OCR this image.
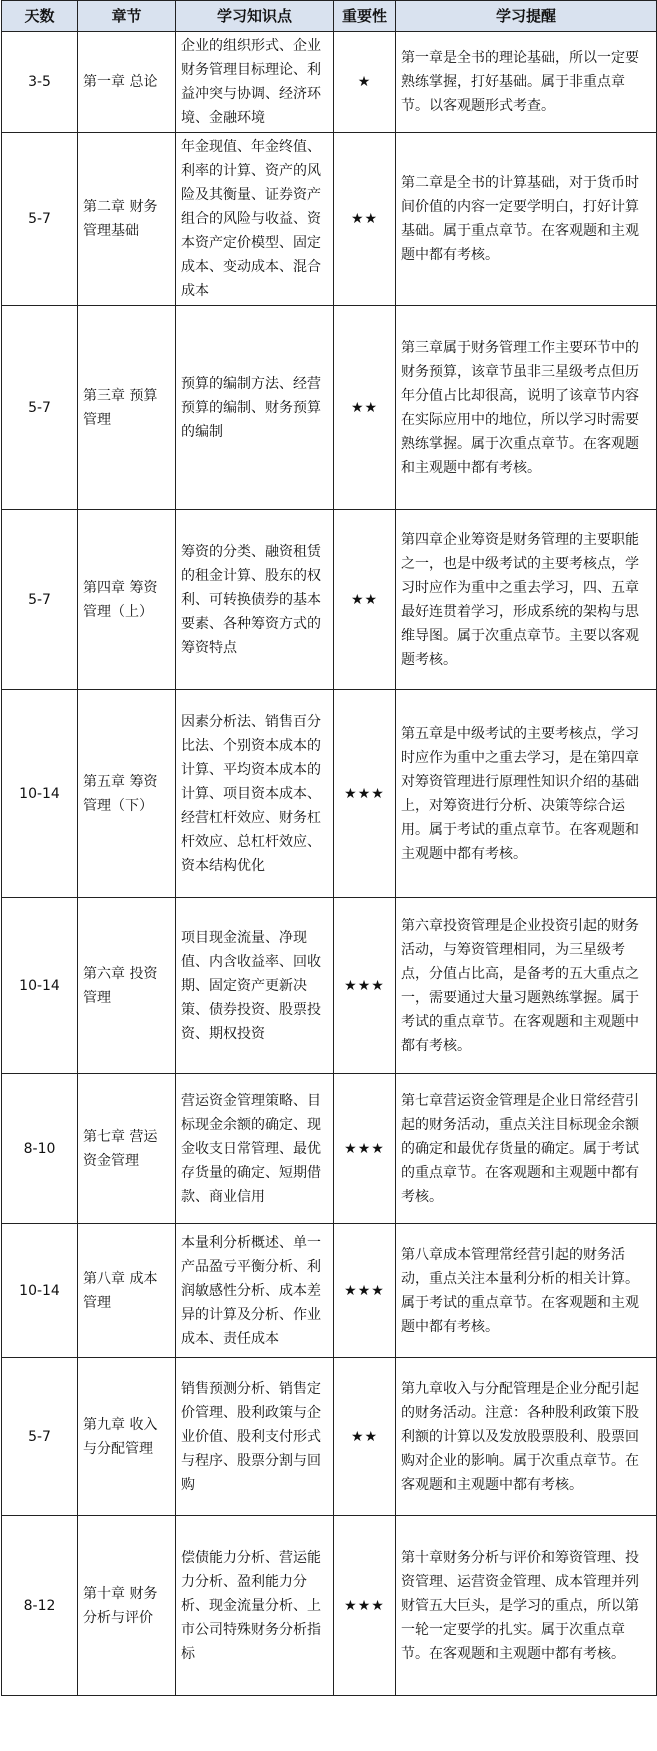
天数	章节	学习知识点	重要性	学习提醒
3-5	第一章 总论	企业的组织形式、企业财务管理目标理论、利益冲突与协调、经济环境、金融环境	★	第一章是全书的理论基础，所以一定要熟练掌握，打好基础。属于非重点章节。以客观题形式考查。
5-7	第二章 财务管理基础	年金现值、年金终值、利率的计算、资产的风险及其衡量、证券资产组合的风险与收益、资本资产定价模型、固定成本、变动成本、混合成本	★★	第二章是全书的计算基础，对于货币时间价值的内容一定要学明白，打好计算基础。属于重点章节。在客观题和主观题中都有考核。
5-7	第三章 预算管理	预算的编制方法、经营预算的编制、财务预算的编制	★★	第三章属于财务管理工作主要环节中的财务预算，该章节虽非三星级考点但历年分值占比却很高，说明了该章节内容在实际应用中的地位，所以学习时需要熟练掌握。属于次重点章节。在客观题和主观题中都有考核。
5-7	第四章 筹资管理（上）	筹资的分类、融资租赁的租金计算、股东的权利、可转换债券的基本要素、各种筹资方式的筹资特点	★★	第四章企业筹资是财务管理的主要职能之一，也是中级考试的主要考核点，学习时应作为重中之重去学习，四、五章最好连贯着学习，形成系统的架构与思维导图。属于次重点章节。主要以客观题考核。
10-14	第五章 筹资管理（下）	因素分析法、销售百分比法、个别资本成本的计算、平均资本成本的计算、项目资本成本、经营杠杆效应、财务杠杆效应、总杠杆效应、资本结构优化	★★★	第五章是中级考试的主要考核点，学习时应作为重中之重去学习，是在第四章对筹资管理进行原理性知识介绍的基础上，对筹资进行分析、决策等综合运用。属于考试的重点章节。在客观题和主观题中都有考核。
10-14	第六章 投资管理	项目现金流量、净现值、内含收益率、回收期、固定资产更新决策、债券投资、股票投资、期权投资	★★★	第六章投资管理是企业投资引起的财务活动，与筹资管理相同，为三星级考点，分值占比高，是备考的五大重点之一，需要通过大量习题熟练掌握。属于考试的重点章节。在客观题和主观题中都有考核。
8-10	第七章 营运资金管理	营运资金管理策略、目标现金余额的确定、现金收支日常管理、最优存货量的确定、短期借款、商业信用	★★★	第七章营运资金管理是企业日常经营引起的财务活动，重点关注目标现金余额的确定和最优存货量的确定。属于考试的重点章节。在客观题和主观题中都有考核。
10-14	第八章 成本管理	本量利分析概述、单一产品盈亏平衡分析、利润敏感性分析、成本差异的计算及分析、作业成本、责任成本	★★★	第八章成本管理常经营引起的财务活动，重点关注本量利分析的相关计算。属于考试的重点章节。在客观题和主观题中都有考核。
5-7	第九章 收入与分配管理	销售预测分析、销售定价管理、股利政策与企业价值、股利支付形式与程序、股票分割与回购	★★	第九章收入与分配管理是企业分配引起的财务活动。注意：各种股利政策下股利额的计算以及发放股票股利、股票回购对企业的影响。属于次重点章节。在客观题和主观题中都有考核。
8-12	第十章 财务分析与评价	偿债能力分析、营运能力分析、盈利能力分析、现金流量分析、上市公司特殊财务分析指标	★★★	第十章财务分析与评价和筹资管理、投资管理、运营资金管理、成本管理并列财管五大巨头，是学习的重点，所以第一轮一定要学的扎实。属于次重点章节。在客观题和主观题中都有考核。
